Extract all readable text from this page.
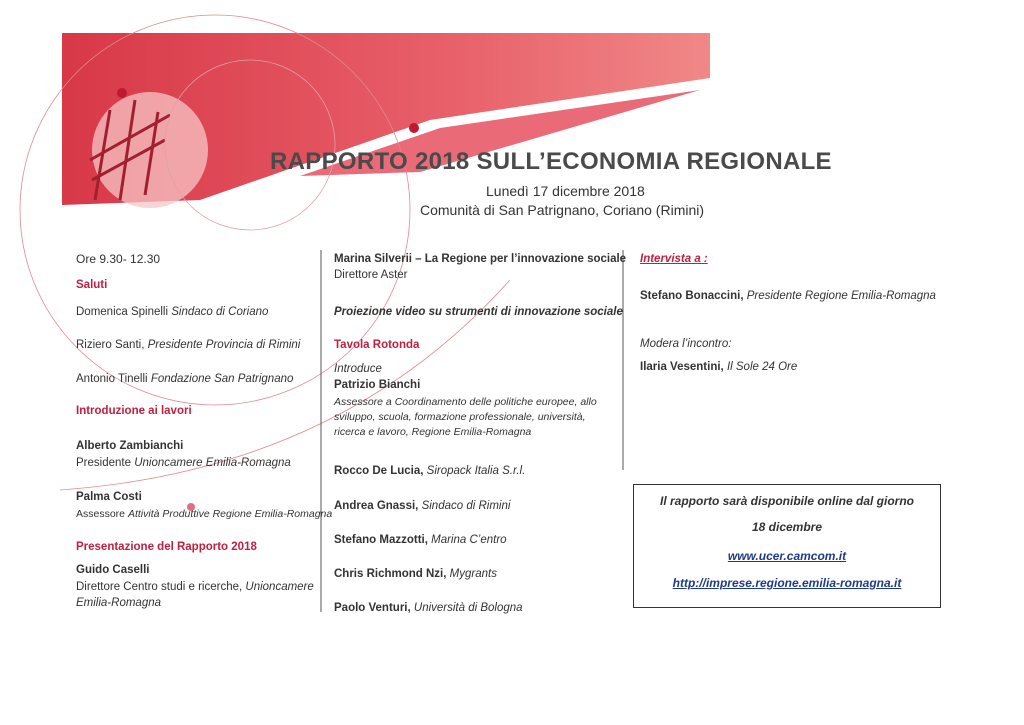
RAPPORTO 2018 SULL’ECONOMIA REGIONALE
Lunedì 17 dicembre 2018
Comunità di San Patrignano, Coriano (Rimini)
Ore 9.30- 12.30
Saluti
Domenica Spinelli Sindaco di Coriano
Riziero Santi, Presidente Provincia di Rimini
Antonio Tinelli Fondazione San Patrignano
Introduzione ai lavori
Alberto Zambianchi
Presidente Unioncamere Emilia-Romagna
Palma Costi
Assessore Attività Produttive Regione Emilia-Romagna
Presentazione del Rapporto 2018
Guido Caselli
Direttore Centro studi e ricerche, Unioncamere
Emilia-Romagna
Marina Silverii – La Regione per l’innovazione sociale
Direttore Aster
Proiezione video su strumenti di innovazione sociale
Tavola Rotonda
Introduce
Patrizio Bianchi
Assessore a Coordinamento delle politiche europee, allo
sviluppo, scuola, formazione professionale, università,
ricerca e lavoro, Regione Emilia-Romagna
Rocco De Lucia, Siropack Italia S.r.l.
Andrea Gnassi, Sindaco di Rimini
Stefano Mazzotti, Marina C’entro
Chris Richmond Nzi, Mygrants
Paolo Venturi, Università di Bologna
Intervista a :
Stefano Bonaccini, Presidente Regione Emilia-Romagna
Modera l’incontro:
Ilaria Vesentini, Il Sole 24 Ore
Il rapporto sarà disponibile online dal giorno
18 dicembre
www.ucer.camcom.it
http://imprese.regione.emilia-romagna.it
